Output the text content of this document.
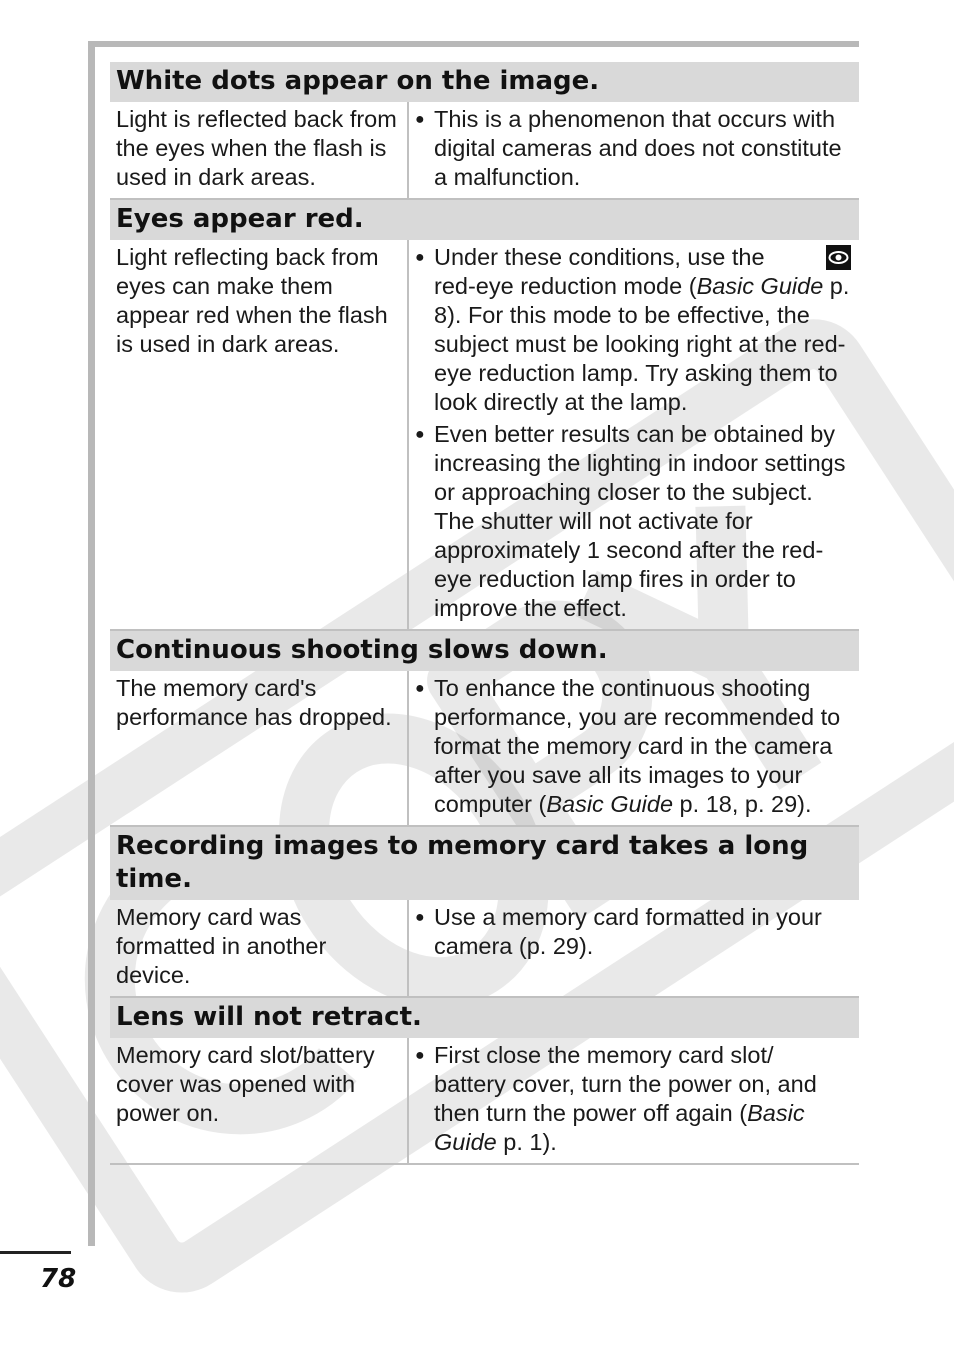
White dots appear on the image.
Light is reflected back from the eyes when the flash is used in dark areas.
● This is a phenomenon that occurs with digital cameras and does not constitute a malfunction.
Eyes appear red.
Light reflecting back from eyes can make them appear red when the flash is used in dark areas.
● Under these conditions, use the
red-eye reduction mode (Basic Guide p. 8). For this mode to be effective, the subject must be looking right at the red-eye reduction lamp. Try asking them to look directly at the lamp.
● Even better results can be obtained by increasing the lighting in indoor settings or approaching closer to the subject. The shutter will not activate for approximately 1 second after the red-eye reduction lamp fires in order to improve the effect.
Continuous shooting slows down.
The memory card's performance has dropped.
● To enhance the continuous shooting performance, you are recommended to format the memory card in the camera after you save all its images to your computer (Basic Guide p. 18, p. 29).
Recording images to memory card takes a long time.
Memory card was formatted in another device.
● Use a memory card formatted in your camera (p. 29).
Lens will not retract.
Memory card slot/battery cover was opened with power on.
● First close the memory card slot/ battery cover, turn the power on, and then turn the power off again (Basic Guide p. 1).
78
